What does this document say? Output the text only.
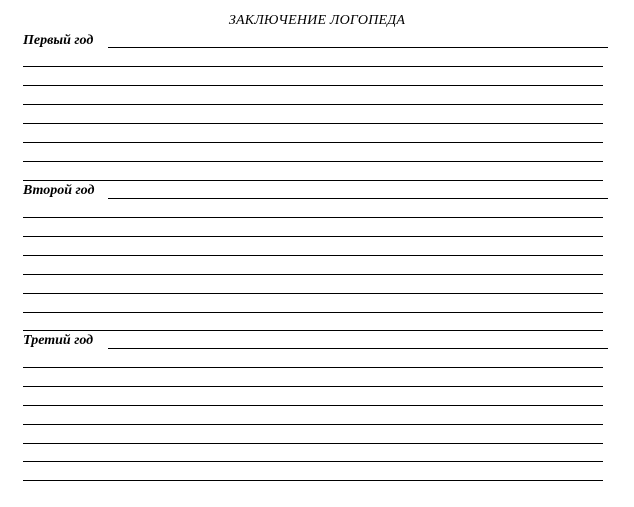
ЗАКЛЮЧЕНИЕ ЛОГОПЕДА
Первый год
Второй год
Третий год
